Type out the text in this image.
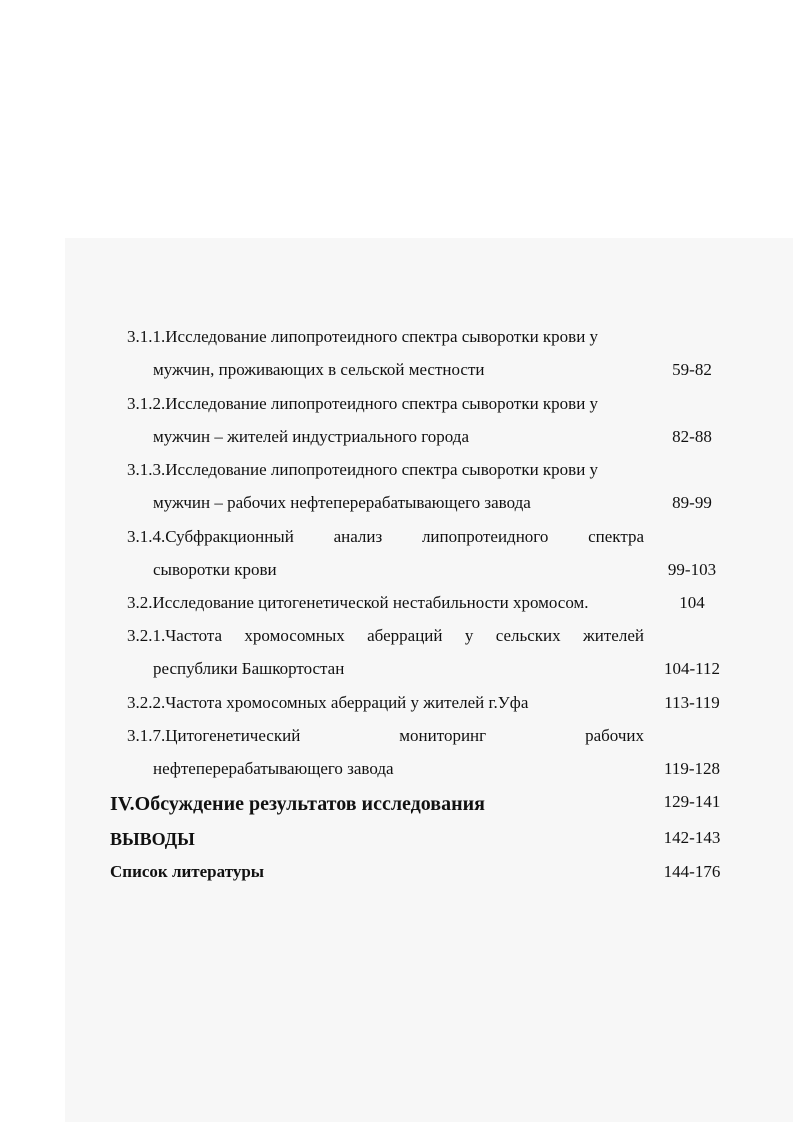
3.1.1.Исследование липопротеидного спектра сыворотки крови у
мужчин, проживающих в сельской местности	59-82
3.1.2.Исследование липопротеидного спектра сыворотки крови у
мужчин – жителей индустриального города	82-88
3.1.3.Исследование липопротеидного спектра сыворотки крови у
мужчин – рабочих нефтеперерабатывающего завода	89-99
3.1.4.Субфракционный анализ липопротеидного спектра
сыворотки крови	99-103
3.2.Исследование цитогенетической нестабильности хромосом.	104
3.2.1.Частота хромосомных аберраций у сельских жителей
республики Башкортостан	104-112
3.2.2.Частота хромосомных аберраций у жителей г.Уфа	113-119
3.1.7.Цитогенетический	мониторинг	рабочих
нефтеперерабатывающего завода	119-128
IV.Обсуждение результатов исследования	129-141
ВЫВОДЫ	142-143
Список литературы	144-176
